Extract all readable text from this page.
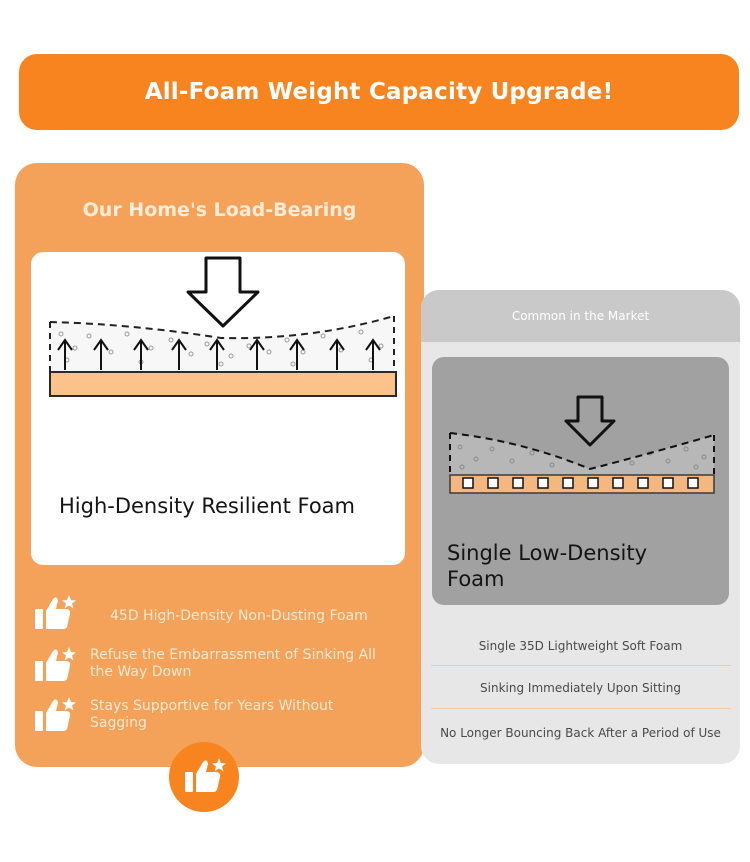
All-Foam Weight Capacity Upgrade!
Our Home's Load-Bearing
High-Density Resilient Foam
45D High-Density Non-Dusting Foam
Refuse the Embarrassment of Sinking All the Way Down
Stays Supportive for Years Without Sagging
Common in the Market
Single Low-Density Foam
Single 35D Lightweight Soft Foam
Sinking Immediately Upon Sitting
No Longer Bouncing Back After a Period of Use
